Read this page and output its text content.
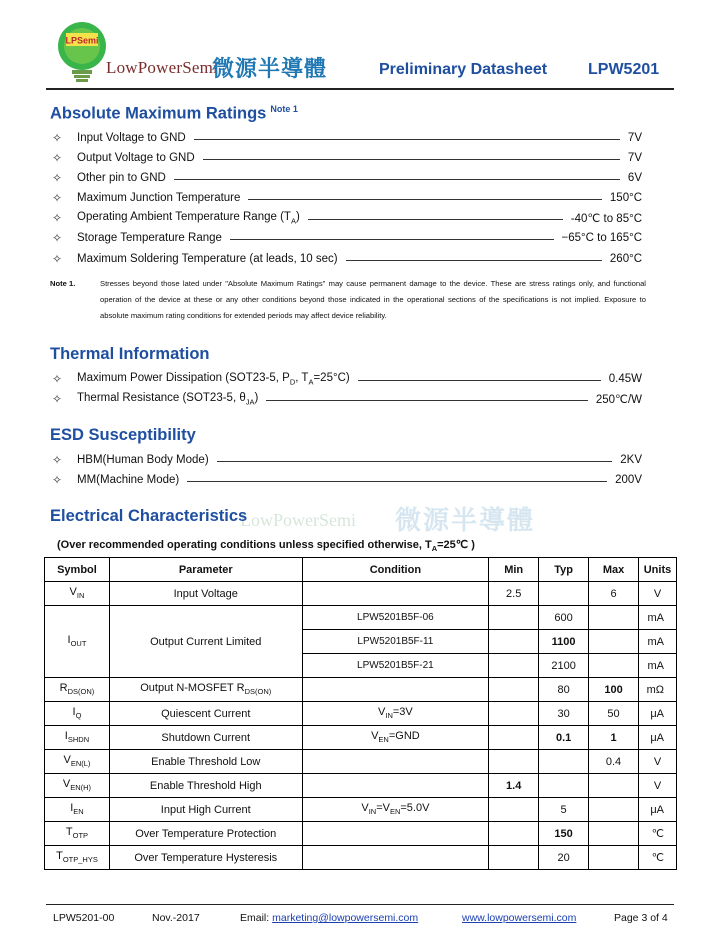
LPSemi
LowPowerSemi
微源半導體	Preliminary Datasheet	LPW5201
Absolute Maximum Ratings $^{Note 1}$
✧	Input Voltage to GND	7V
✧	Output Voltage to GND	7V
✧	Other pin to GND	6V
✧	Maximum Junction Temperature	150°C
✧	Operating Ambient Temperature Range $(T_A)$	-40℃ to 85°C
✧	Storage Temperature Range	−65°C to 165°C
✧	Maximum Soldering Temperature (at leads, 10 sec)	260°C
Note 1.	Stresses beyond those lated under "Absolute Maximum Ratings" may cause permanent damage to the device. These are stress ratings only, and functional operation of the device at these or any other conditions beyond those indicated in the operational sections of the specifications is not implied. Exposure to absolute maximum rating conditions for extended periods may affect device reliability.
Thermal Information
✧	Maximum Power Dissipation (SOT23-5, $P_D$, $T_A=25^\circ C$)	0.45W
✧	Thermal Resistance (SOT23-5, $\theta_{JA}$)	250℃/W
ESD Susceptibility
✧	HBM(Human Body Mode)	2KV
✧	MM(Machine Mode)	200V
LowPowerSemi 微源半導體
Electrical Characteristics
(Over recommended operating conditions unless specified otherwise, $T_A=25℃$ )
Symbol	Parameter	Condition	Min	Typ	Max	Units
$V_{IN}$	Input Voltage		2.5		6	V
$I_{OUT}$	Output Current Limited	LPW5201B5F-06		600		mA
		LPW5201B5F-11		1100		mA
		LPW5201B5F-21		2100		mA
$R_{DS(ON)}$	Output N-MOSFET $R_{DS(ON)}$			80	100	mΩ
$I_Q$	Quiescent Current	$V_{IN}=3V$		30	50	μA
$I_{SHDN}$	Shutdown Current	$V_{EN}=GND$		0.1	1	μA
$V_{EN(L)}$	Enable Threshold Low				0.4	V
$V_{EN(H)}$	Enable Threshold High		1.4			V
$I_{EN}$	Input High Current	$V_{IN}=V_{EN}=5.0V$		5		μA
$T_{OTP}$	Over Temperature Protection			150		℃
$T_{OTP\_HYS}$	Over Temperature Hysteresis			20		℃
LPW5201-00	Nov.-2017	Email: marketing@lowpowersemi.com	www.lowpowersemi.com	Page 3 of 4
